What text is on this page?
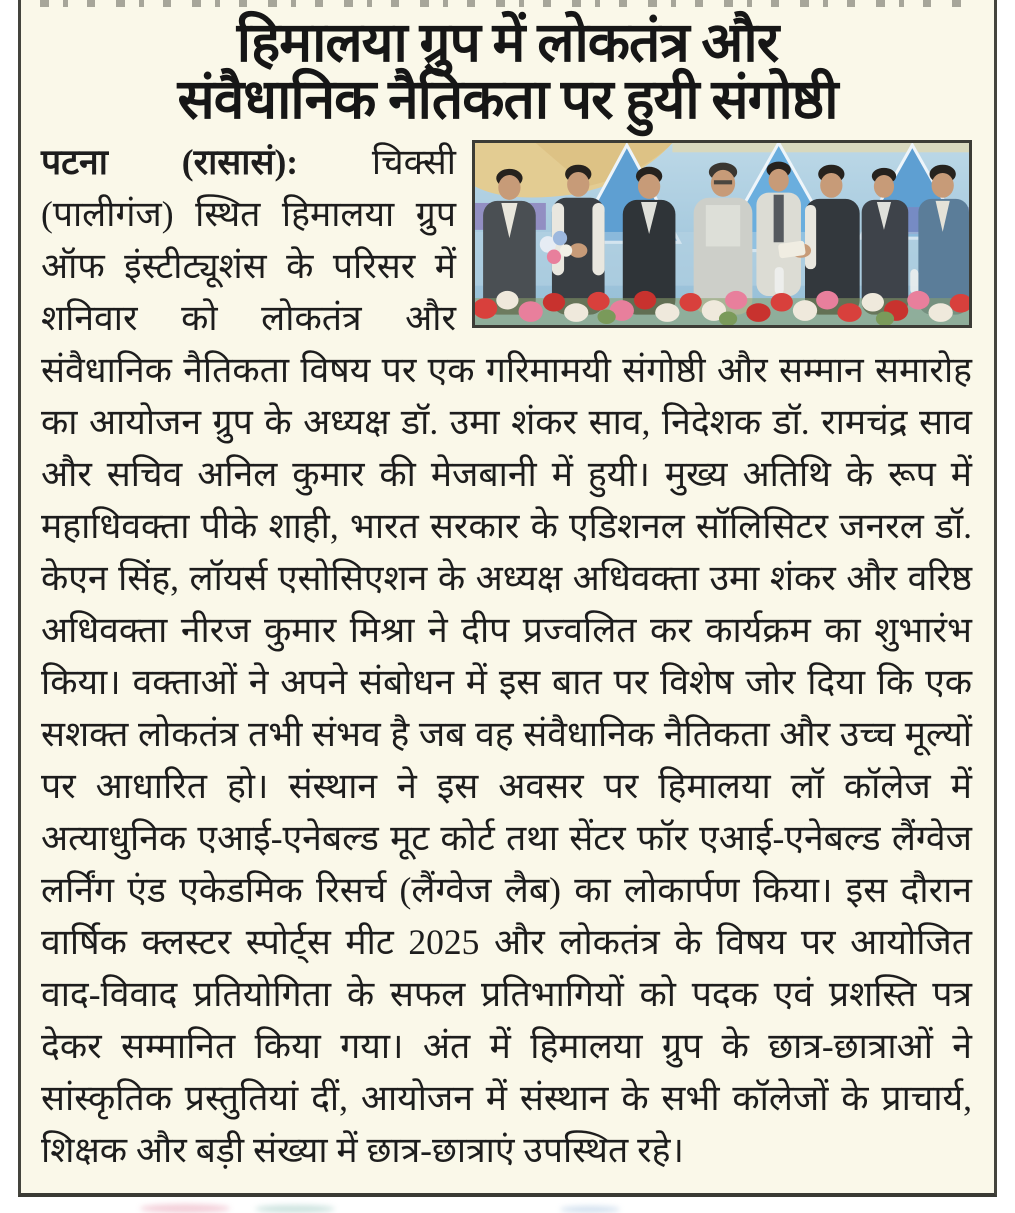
हिमालया ग्रुप में लोकतंत्र और
संवैधानिक नैतिकता पर हुयी संगोष्ठी
पटना (रासासं): चिक्सी (पालीगंज) स्थित हिमालया ग्रुप ऑफ इंस्टीट्यूशंस के परिसर में शनिवार को लोकतंत्र और संवैधानिक नैतिकता विषय पर एक गरिमामयी संगोष्ठी और सम्मान समारोह का आयोजन ग्रुप के अध्यक्ष डॉ. उमा शंकर साव, निदेशक डॉ. रामचंद्र साव और सचिव अनिल कुमार की मेजबानी में हुयी। मुख्य अतिथि के रूप में महाधिवक्ता पीके शाही, भारत सरकार के एडिशनल सॉलिसिटर जनरल डॉ. केएन सिंह, लॉयर्स एसोसिएशन के अध्यक्ष अधिवक्ता उमा शंकर और वरिष्ठ अधिवक्ता नीरज कुमार मिश्रा ने दीप प्रज्वलित कर कार्यक्रम का शुभारंभ किया। वक्ताओं ने अपने संबोधन में इस बात पर विशेष जोर दिया कि एक सशक्त लोकतंत्र तभी संभव है जब वह संवैधानिक नैतिकता और उच्च मूल्यों पर आधारित हो। संस्थान ने इस अवसर पर हिमालया लॉ कॉलेज में अत्याधुनिक एआई-एनेबल्ड मूट कोर्ट तथा सेंटर फॉर एआई-एनेबल्ड लैंग्वेज लर्निंग एंड एकेडमिक रिसर्च (लैंग्वेज लैब) का लोकार्पण किया। इस दौरान वार्षिक क्लस्टर स्पोर्ट्स मीट 2025 और लोकतंत्र के विषय पर आयोजित वाद-विवाद प्रतियोगिता के सफल प्रतिभागियों को पदक एवं प्रशस्ति पत्र देकर सम्मानित किया गया। अंत में हिमालया ग्रुप के छात्र-छात्राओं ने सांस्कृतिक प्रस्तुतियां दीं, आयोजन में संस्थान के सभी कॉलेजों के प्राचार्य, शिक्षक और बड़ी संख्या में छात्र-छात्राएं उपस्थित रहे।
